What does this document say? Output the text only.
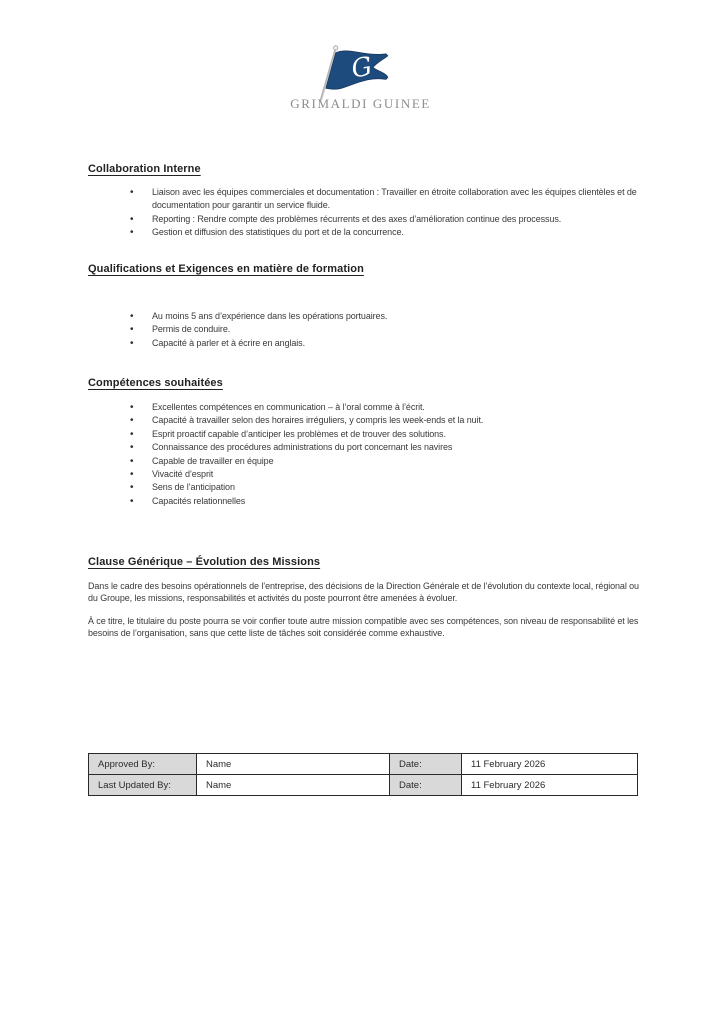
G
GRIMALDI GUINEE
Collaboration Interne
• Liaison avec les équipes commerciales et documentation : Travailler en étroite collaboration avec les équipes clientèles et de documentation pour garantir un service fluide.
• Reporting : Rendre compte des problèmes récurrents et des axes d’amélioration continue des processus.
• Gestion et diffusion des statistiques du port et de la concurrence.
Qualifications et Exigences en matière de formation
• Au moins 5 ans d’expérience dans les opérations portuaires.
• Permis de conduire.
• Capacité à parler et à écrire en anglais.
Compétences souhaitées
• Excellentes compétences en communication – à l’oral comme à l’écrit.
• Capacité à travailler selon des horaires irréguliers, y compris les week-ends et la nuit.
• Esprit proactif capable d’anticiper les problèmes et de trouver des solutions.
• Connaissance des procédures administrations du port concernant les navires
• Capable de travailler en équipe
• Vivacité d’esprit
• Sens de l’anticipation
• Capacités relationnelles
Clause Générique – Évolution des Missions

Dans le cadre des besoins opérationnels de l’entreprise, des décisions de la Direction Générale et de l’évolution du contexte local, régional ou du Groupe, les missions, responsabilités et activités du poste pourront être amenées à évoluer.

À ce titre, le titulaire du poste pourra se voir confier toute autre mission compatible avec ses compétences, son niveau de responsabilité et les besoins de l’organisation, sans que cette liste de tâches soit considérée comme exhaustive.

Approved By:	Name	Date:	11 February 2026
Last Updated By:	Name	Date:	11 February 2026
